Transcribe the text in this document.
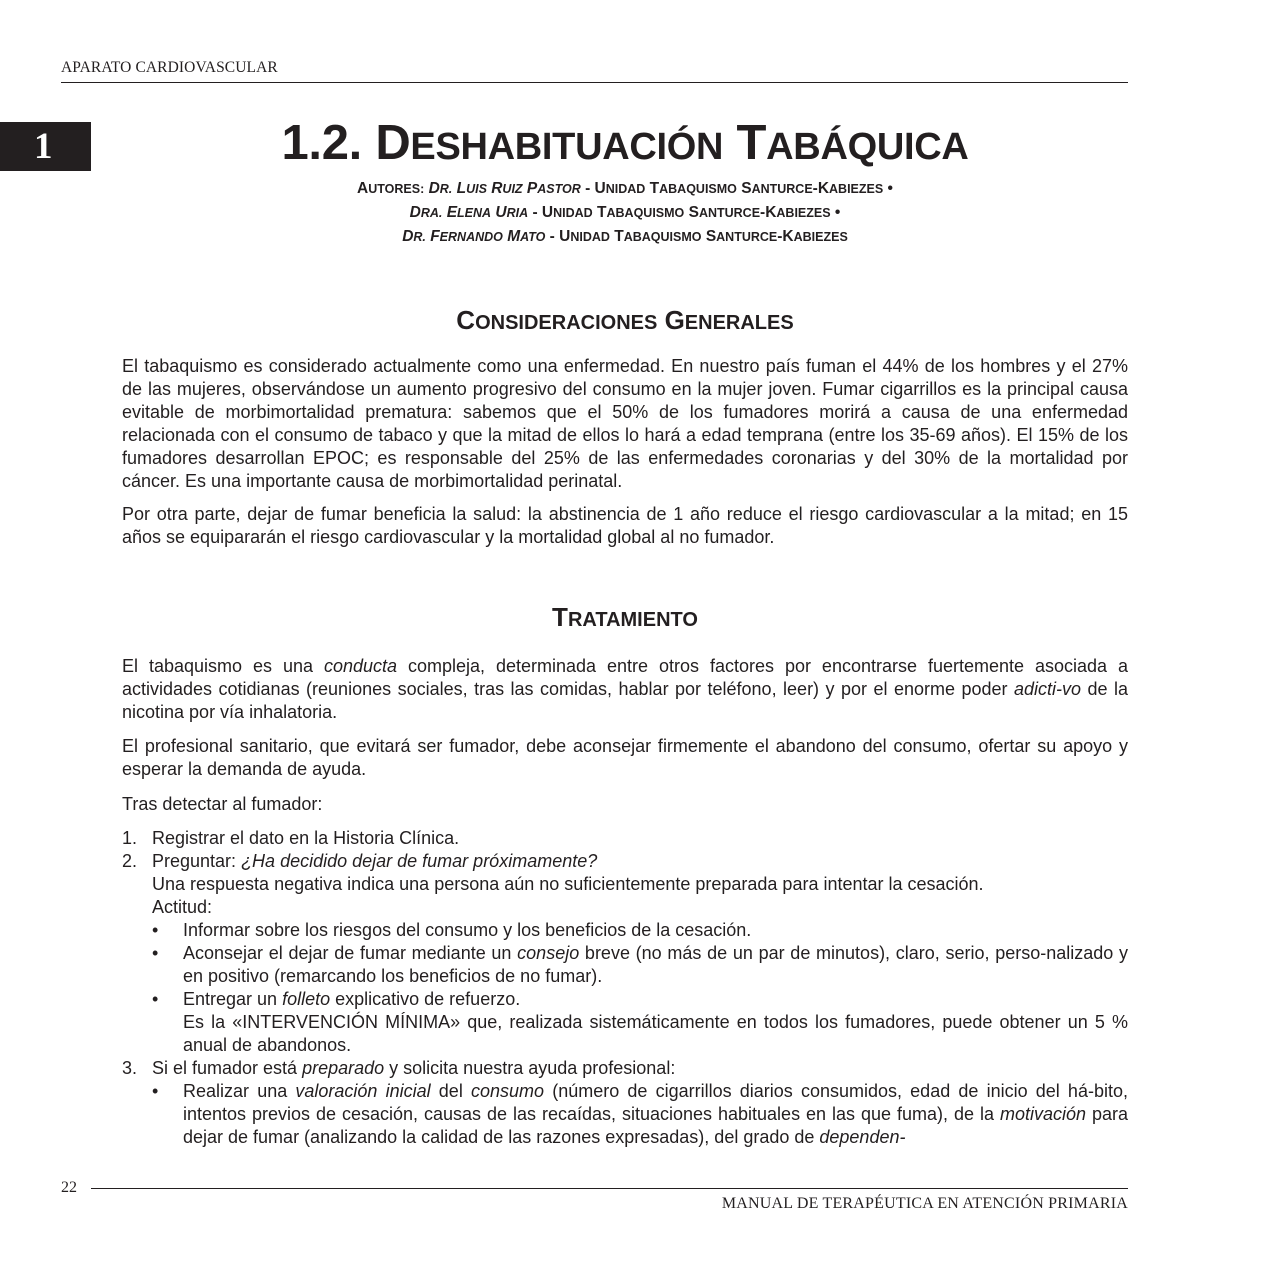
APARATO CARDIOVASCULAR
1	1.2. DESHABITUACIÓN TABÁQUICA
AUTORES: DR. LUIS RUIZ PASTOR - UNIDAD TABAQUISMO SANTURCE-KABIEZES •
DRA. ELENA URIA - UNIDAD TABAQUISMO SANTURCE-KABIEZES •
DR. FERNANDO MATO - UNIDAD TABAQUISMO SANTURCE-KABIEZES
CONSIDERACIONES GENERALES

El tabaquismo es considerado actualmente como una enfermedad. En nuestro país fuman el 44% de los hombres y el 27% de las mujeres, observándose un aumento progresivo del consumo en la mujer joven. Fumar cigarrillos es la principal causa evitable de morbimortalidad prematura: sabemos que el 50% de los fumadores morirá a causa de una enfermedad relacionada con el consumo de tabaco y que la mitad de ellos lo hará a edad temprana (entre los 35-69 años). El 15% de los fumadores desarrollan EPOC; es responsable del 25% de las enfermedades coronarias y del 30% de la mortalidad por cáncer. Es una importante causa de morbimortalidad perinatal.

Por otra parte, dejar de fumar beneficia la salud: la abstinencia de 1 año reduce el riesgo cardiovascular a la mitad; en 15 años se equipararán el riesgo cardiovascular y la mortalidad global al no fumador.

TRATAMIENTO

El tabaquismo es una conducta compleja, determinada entre otros factores por encontrarse fuertemente asociada a actividades cotidianas (reuniones sociales, tras las comidas, hablar por teléfono, leer) y por el enorme poder adicti-vo de la nicotina por vía inhalatoria.

El profesional sanitario, que evitará ser fumador, debe aconsejar firmemente el abandono del consumo, ofertar su apoyo y esperar la demanda de ayuda.

Tras detectar al fumador:

1. Registrar el dato en la Historia Clínica.
2. Preguntar: ¿Ha decidido dejar de fumar próximamente?
Una respuesta negativa indica una persona aún no suficientemente preparada para intentar la cesación.
Actitud:
• Informar sobre los riesgos del consumo y los beneficios de la cesación.
• Aconsejar el dejar de fumar mediante un consejo breve (no más de un par de minutos), claro, serio, perso-nalizado y en positivo (remarcando los beneficios de no fumar).
• Entregar un folleto explicativo de refuerzo.
Es la «INTERVENCIÓN MÍNIMA» que, realizada sistemáticamente en todos los fumadores, puede obtener un 5 % anual de abandonos.
3. Si el fumador está preparado y solicita nuestra ayuda profesional:
• Realizar una valoración inicial del consumo (número de cigarrillos diarios consumidos, edad de inicio del há-bito, intentos previos de cesación, causas de las recaídas, situaciones habituales en las que fuma), de la motivación para dejar de fumar (analizando la calidad de las razones expresadas), del grado de dependen-
22
MANUAL DE TERAPÉUTICA EN ATENCIÓN PRIMARIA
